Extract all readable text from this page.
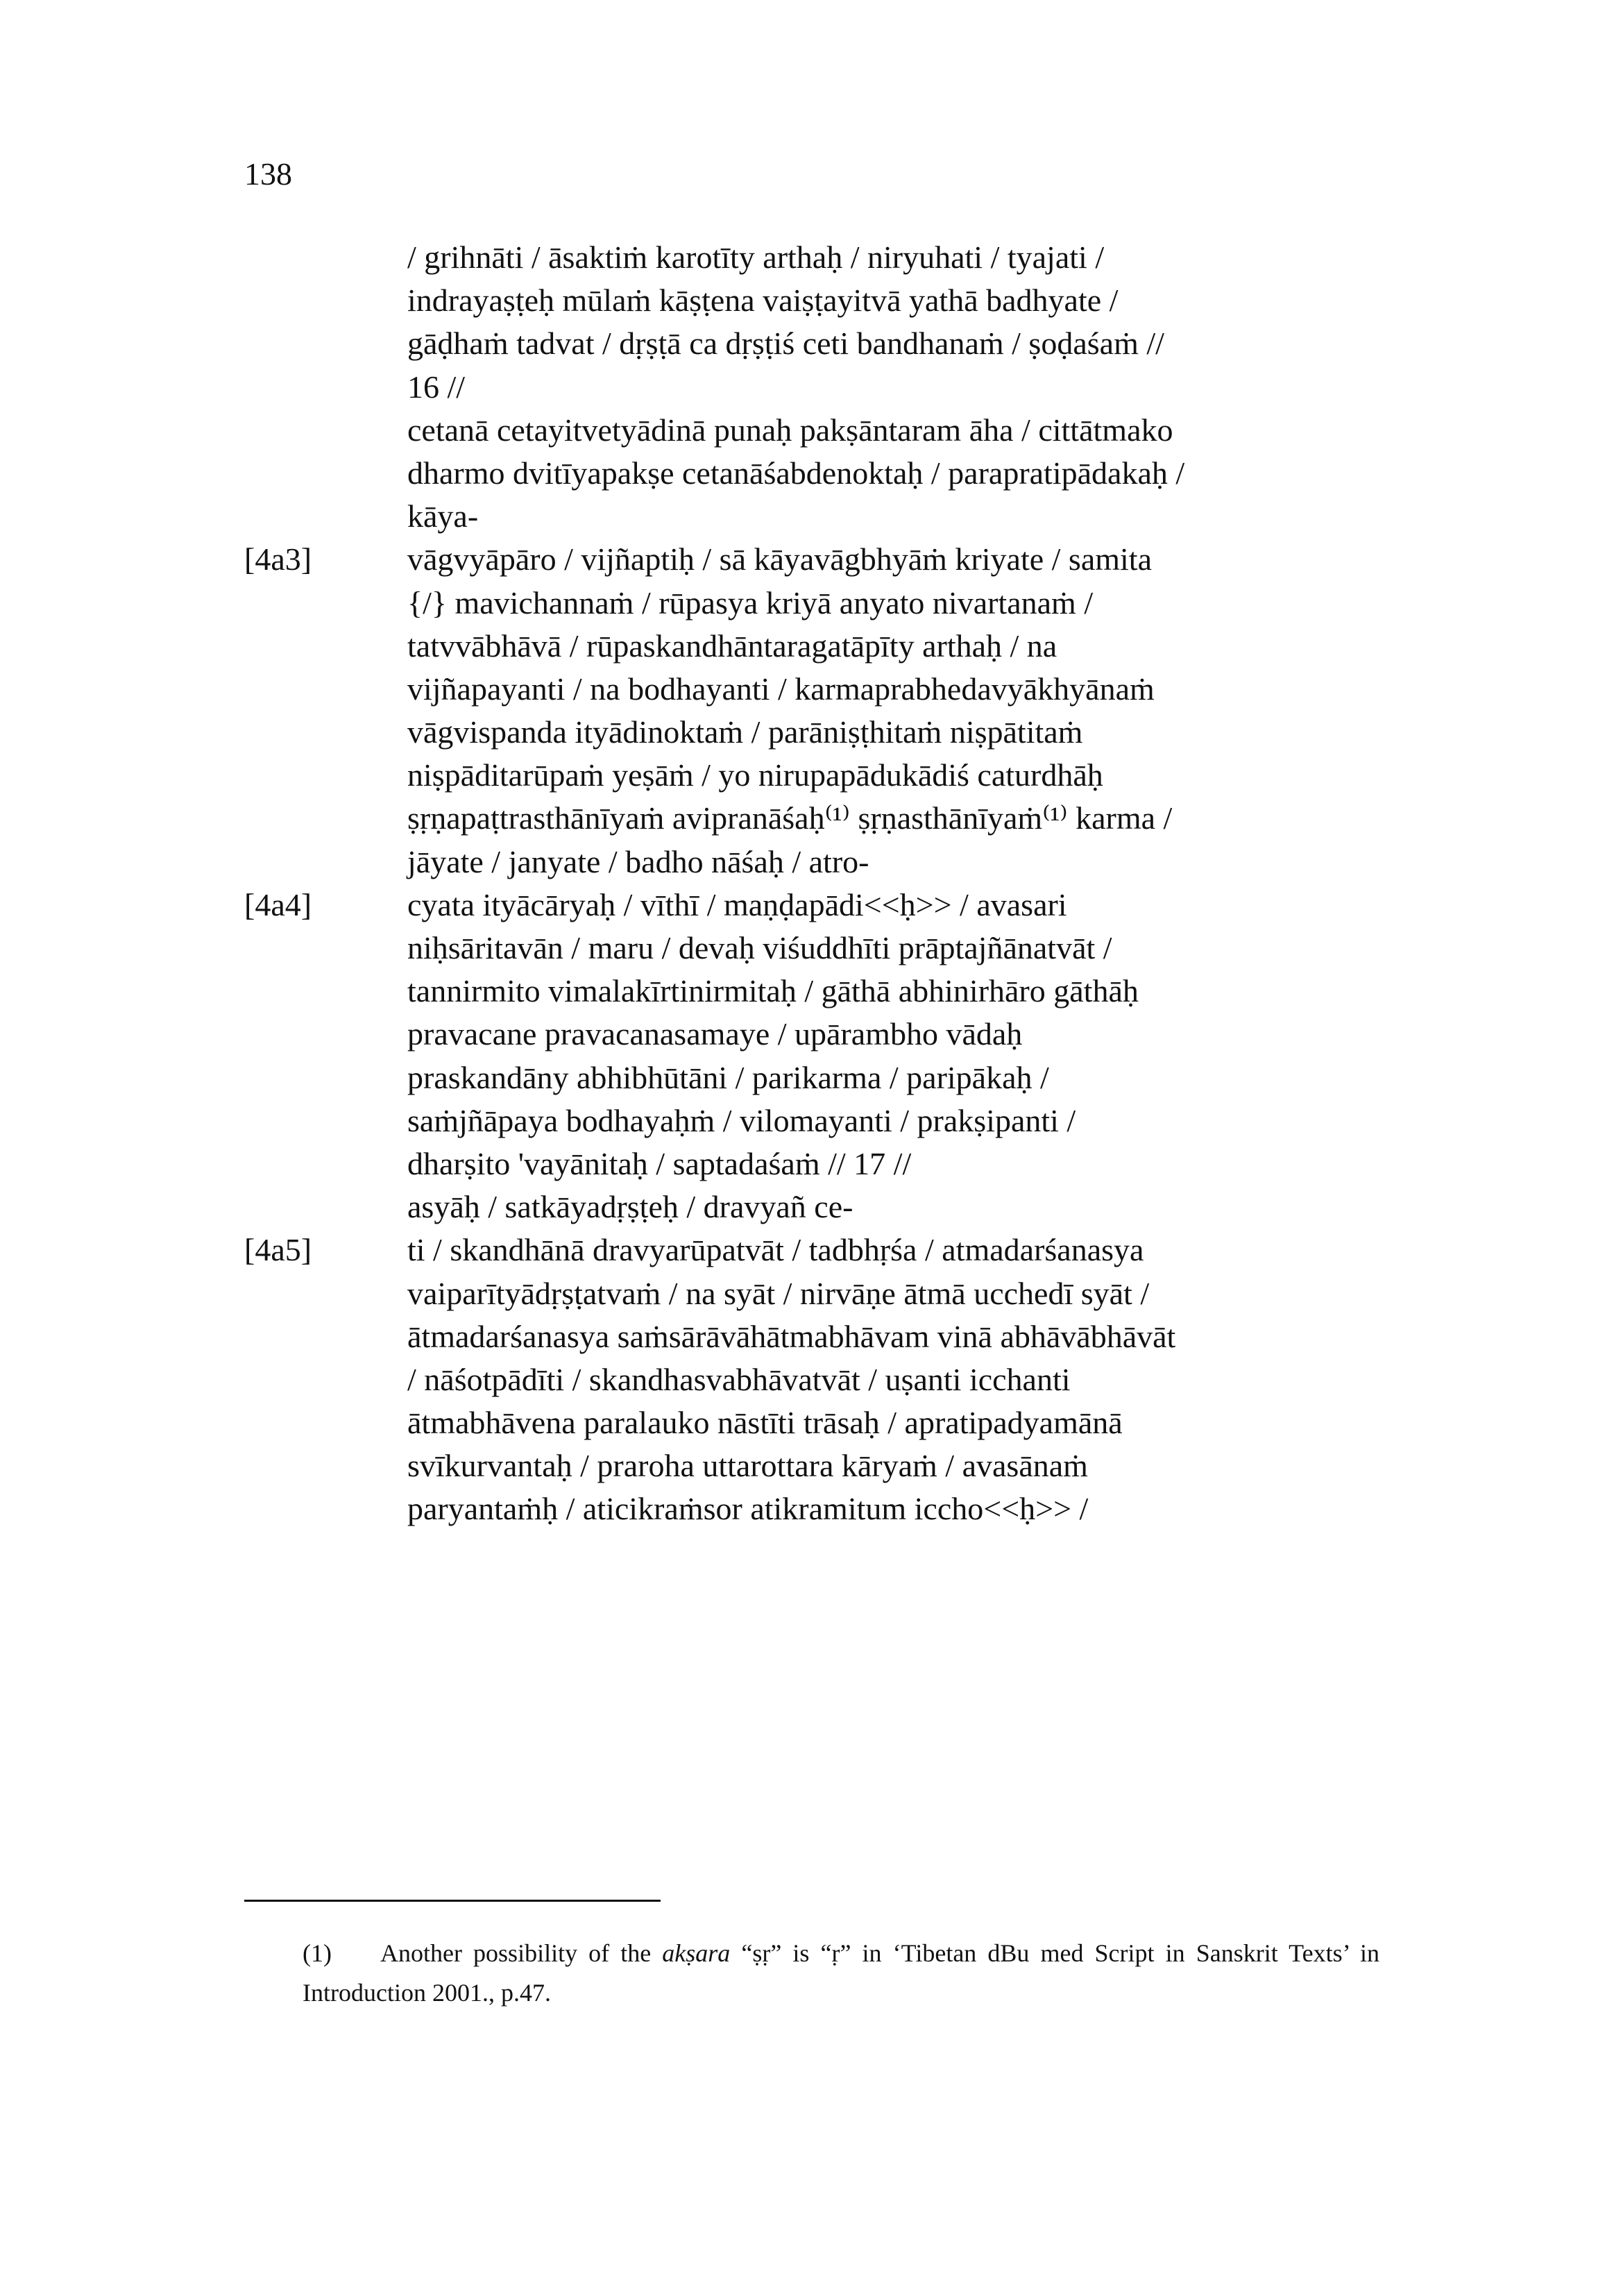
138
/ grihnāti / āsaktiṁ karotīty arthaḥ / niryuhati / tyajati /
indrayaṣṭeḥ mūlaṁ kāṣṭena vaiṣṭayitvā yathā badhyate /
gāḍhaṁ tadvat / dṛṣṭā ca dṛṣṭiś ceti bandhanaṁ / ṣoḍaśaṁ //
16 //
cetanā cetayitvetyādinā punaḥ pakṣāntaram āha / cittātmako
dharmo dvitīyapakṣe cetanāśabdenoktaḥ / parapratipādakaḥ /
kāya-
[4a3]	vāgvyāpāro / vijñaptiḥ / sā kāyavāgbhyāṁ kriyate / samita
{/} mavichannaṁ / rūpasya kriyā anyato nivartanaṁ /
tatvvābhāvā / rūpaskandhāntaragatāpīty arthaḥ / na
vijñapayanti / na bodhayanti / karmaprabhedavyākhyānaṁ
vāgvispanda ityādinoktaṁ / parāniṣṭhitaṁ niṣpātitaṁ
niṣpāditarūpaṁ yeṣāṁ / yo nirupapādukādiś caturdhāḥ
ṣṛṇapaṭtrasthānīyaṁ avipranāśaḥ⁽¹⁾ ṣṛṇasthānīyaṁ⁽¹⁾ karma /
jāyate / janyate / badho nāśaḥ / atro-
[4a4]	cyata ityācāryaḥ / vīthī / maṇḍapādi<<ḥ>> / avasari
niḥsāritavān / maru / devaḥ viśuddhīti prāptajñānatvāt /
tannirmito vimalakīrtinirmitaḥ / gāthā abhinirhāro gāthāḥ
pravacane pravacanasamaye / upārambho vādaḥ
praskandāny abhibhūtāni / parikarma / paripākaḥ /
saṁjñāpaya bodhayaḥṁ / vilomayanti / prakṣipanti /
dharṣito 'vayānitaḥ / saptadaśaṁ // 17 //
asyāḥ / satkāyadṛṣṭeḥ / dravyañ ce-
[4a5]	ti / skandhānā dravyarūpatvāt / tadbhṛśa / atmadarśanasya
vaiparītyādṛṣṭatvaṁ / na syāt / nirvāṇe ātmā ucchedī syāt /
ātmadarśanasya saṁsārāvāhātmabhāvam vinā abhāvābhāvāt
/ nāśotpādīti / skandhasvabhāvatvāt / uṣanti icchanti
ātmabhāvena paralauko nāstīti trāsaḥ / apratipadyamānā
svīkurvantaḥ / praroha uttarottara kāryaṁ / avasānaṁ
paryantaṁḥ / aticikraṁsor atikramitum iccho<<ḥ>> /
(1) Another possibility of the akṣara “ṣṛ” is “ṛ” in ‘Tibetan dBu med Script in Sanskrit Texts’ in Introduction 2001., p.47.
